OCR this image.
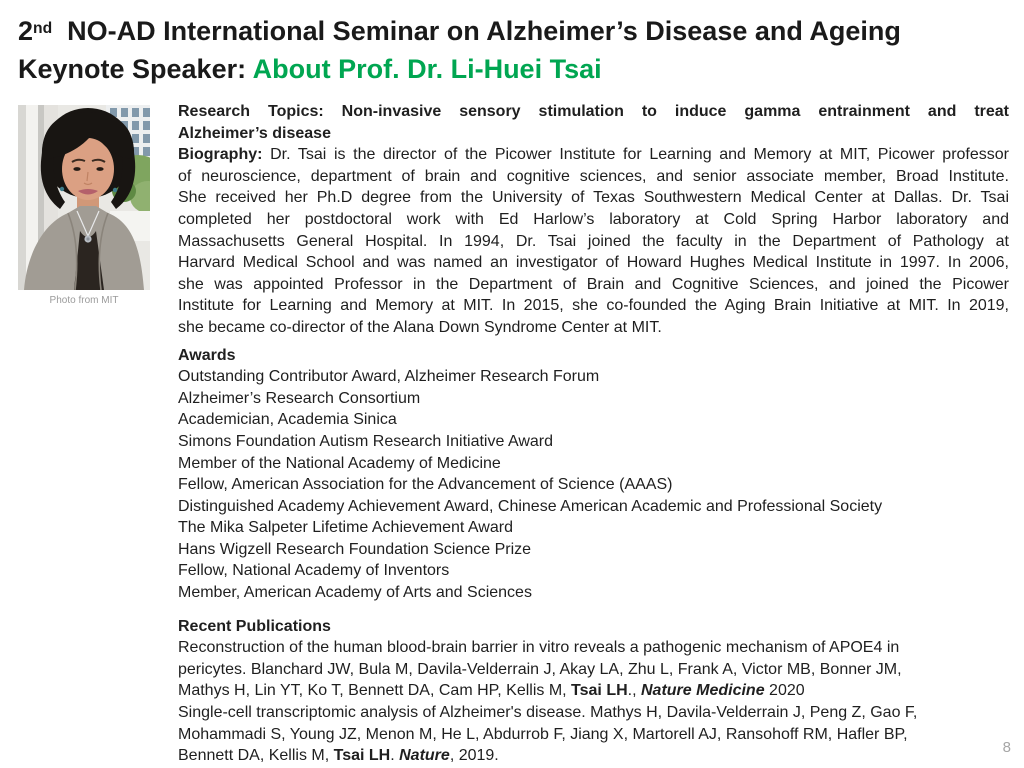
2nd  NO-AD International Seminar on Alzheimer’s Disease and Ageing
Keynote Speaker: About Prof. Dr. Li-Huei Tsai
Photo from MIT
Research Topics: Non-invasive sensory stimulation to induce gamma entrainment and treat
Alzheimer’s disease
Biography: Dr. Tsai is the director of the Picower Institute for Learning and Memory at MIT, Picower professor
of neuroscience, department of brain and cognitive sciences, and senior associate member, Broad Institute.
She received her Ph.D degree from the University of Texas Southwestern Medical Center at Dallas. Dr. Tsai
completed her postdoctoral work with Ed Harlow’s laboratory at Cold Spring Harbor laboratory and
Massachusetts General Hospital. In 1994, Dr. Tsai joined the faculty in the Department of Pathology at
Harvard Medical School and was named an investigator of Howard Hughes Medical Institute in 1997. In 2006,
she was appointed Professor in the Department of Brain and Cognitive Sciences, and joined the Picower
Institute for Learning and Memory at MIT. In 2015, she co-founded the Aging Brain Initiative at MIT. In 2019,
she became co-director of the Alana Down Syndrome Center at MIT.
Awards
Outstanding Contributor Award, Alzheimer Research Forum
Alzheimer’s Research Consortium
Academician, Academia Sinica
Simons Foundation Autism Research Initiative Award
Member of the National Academy of Medicine
Fellow, American Association for the Advancement of Science (AAAS)
Distinguished Academy Achievement Award, Chinese American Academic and Professional Society
The Mika Salpeter Lifetime Achievement Award
Hans Wigzell Research Foundation Science Prize
Fellow, National Academy of Inventors
Member, American Academy of Arts and Sciences
Recent Publications
Reconstruction of the human blood-brain barrier in vitro reveals a pathogenic mechanism of APOE4 in
pericytes. Blanchard JW, Bula M, Davila-Velderrain J, Akay LA, Zhu L, Frank A, Victor MB, Bonner JM,
Mathys H, Lin YT, Ko T, Bennett DA, Cam HP, Kellis M, Tsai LH., Nature Medicine 2020
Single-cell transcriptomic analysis of Alzheimer's disease. Mathys H, Davila-Velderrain J, Peng Z, Gao F,
Mohammadi S, Young JZ, Menon M, He L, Abdurrob F, Jiang X, Martorell AJ, Ransohoff RM, Hafler BP,
Bennett DA, Kellis M, Tsai LH. Nature, 2019.	8
